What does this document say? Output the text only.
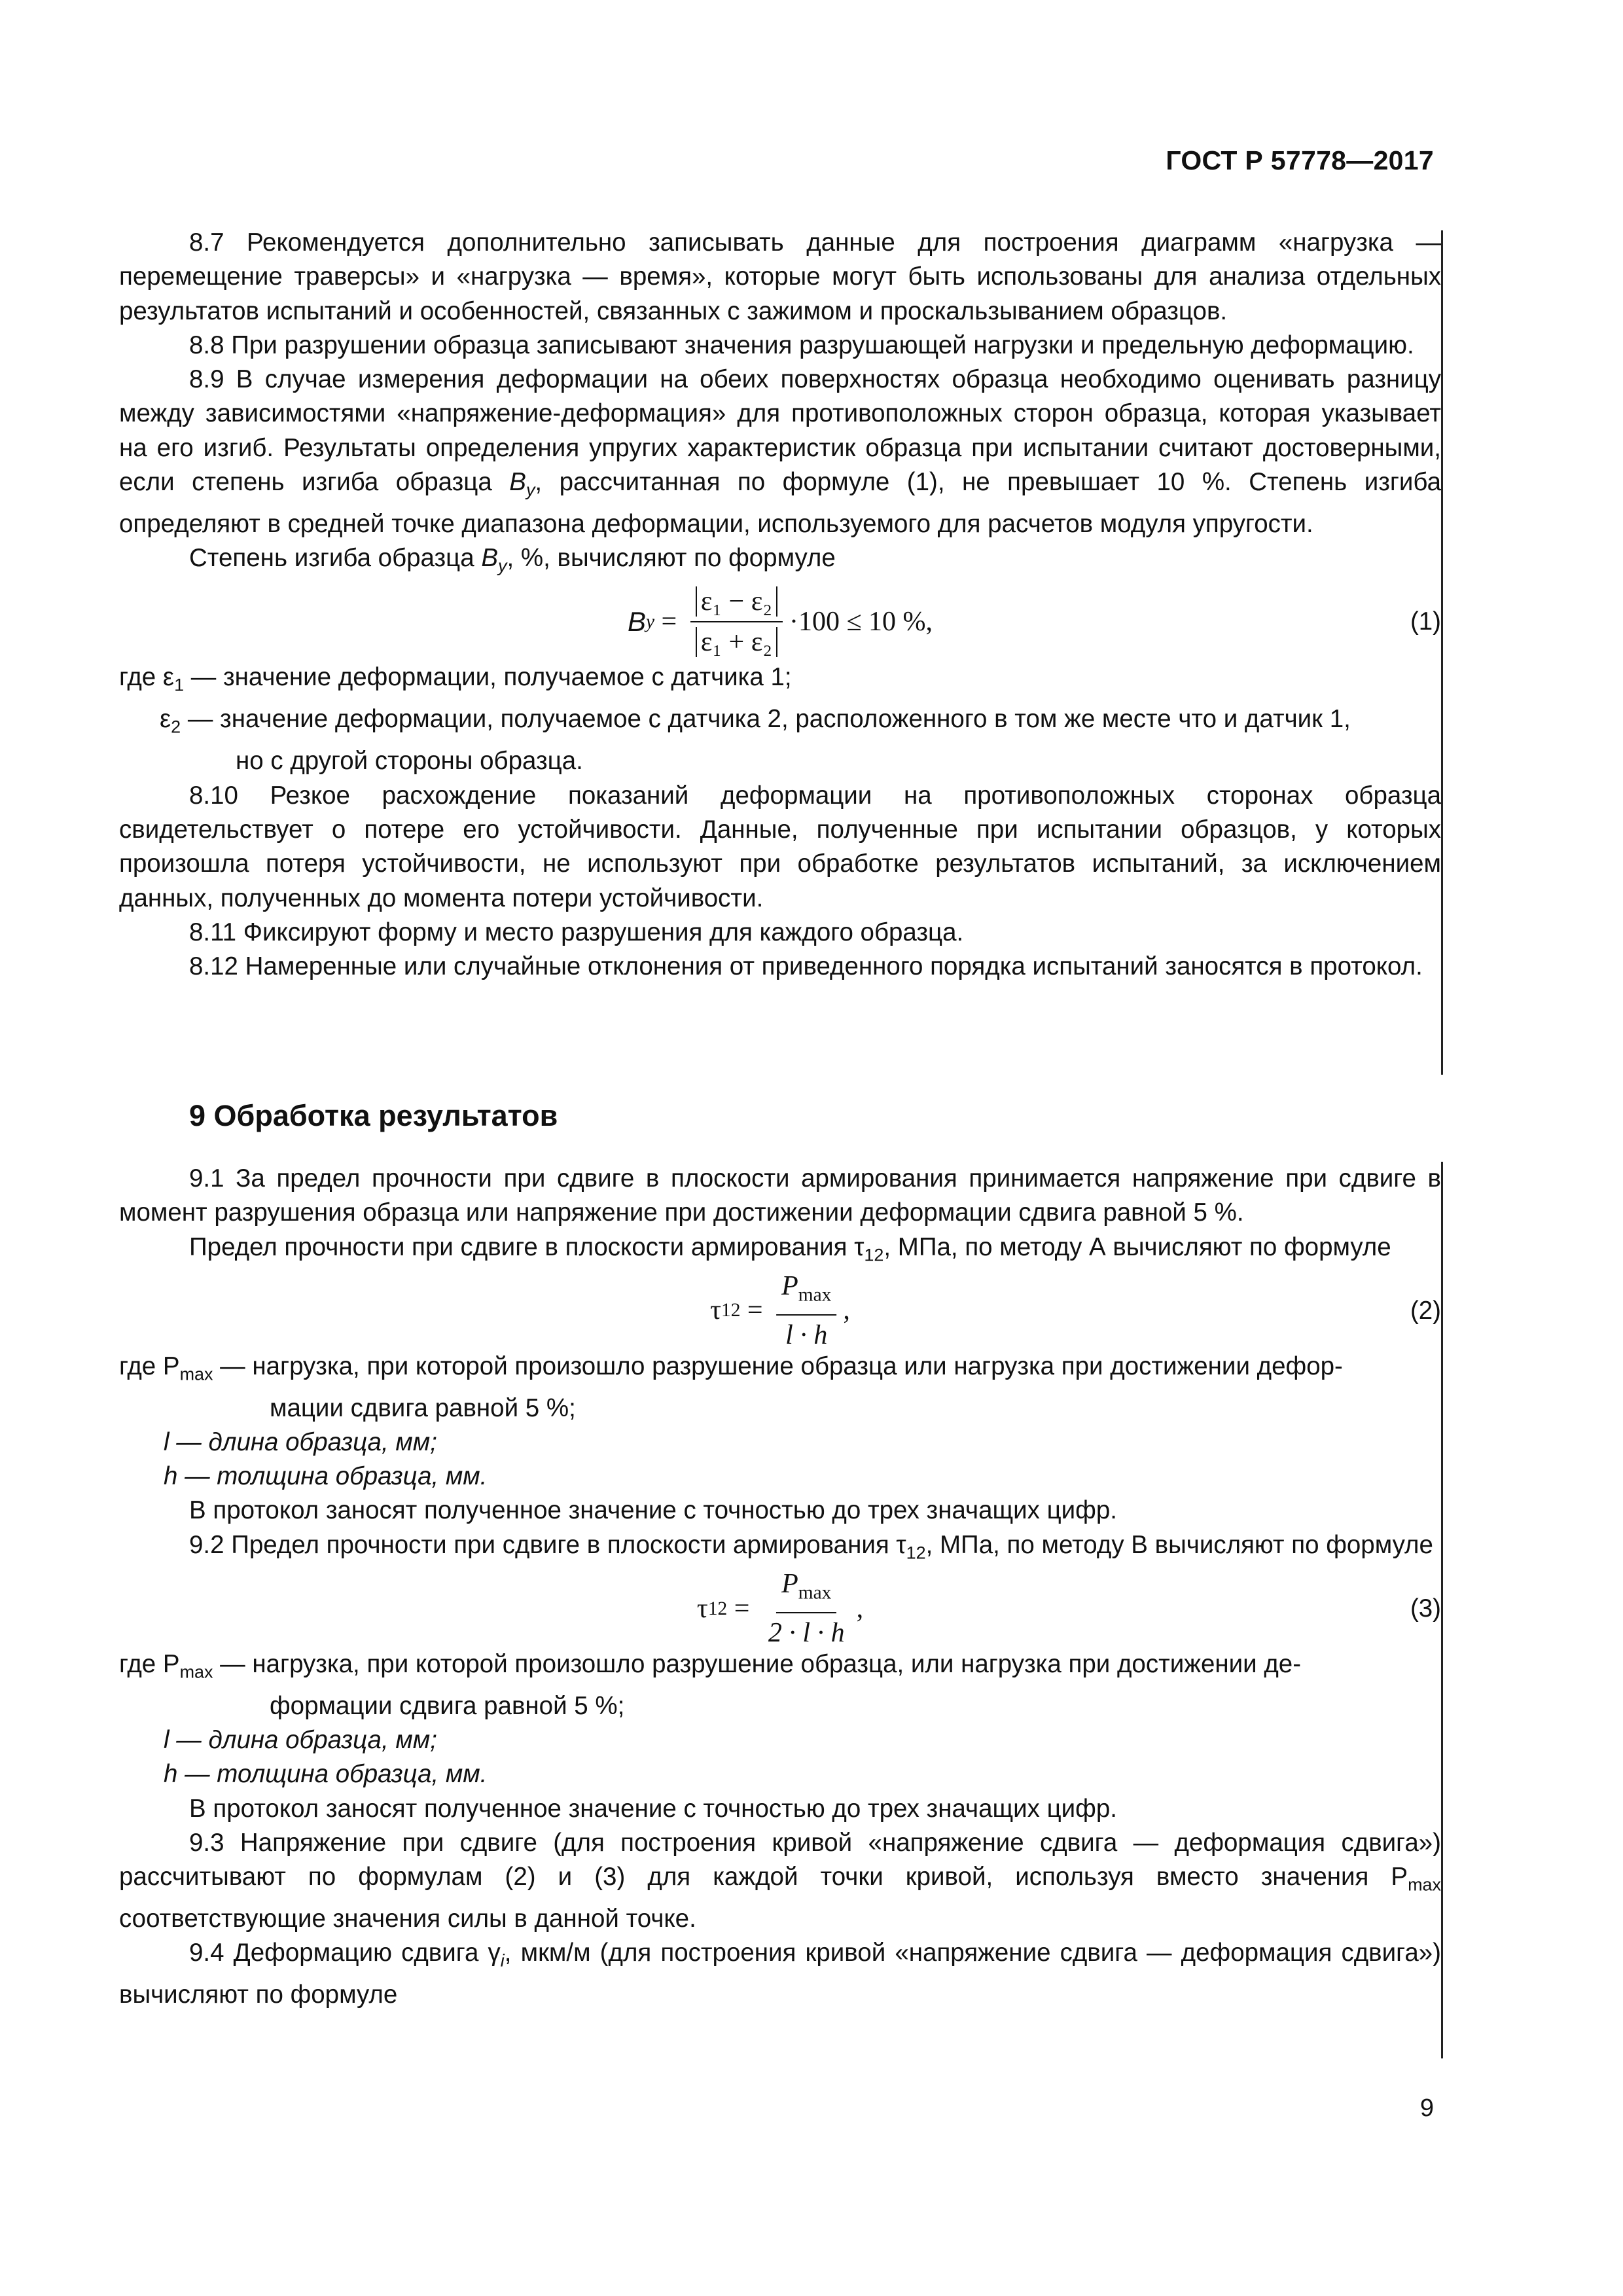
ГОСТ Р 57778—2017

8.7 Рекомендуется дополнительно записывать данные для построения диаграмм «нагрузка — перемещение траверсы» и «нагрузка — время», которые могут быть использованы для анализа отдельных результатов испытаний и особенностей, связанных с зажимом и проскальзыванием образцов.

8.8 При разрушении образца записывают значения разрушающей нагрузки и предельную деформацию.

8.9 В случае измерения деформации на обеих поверхностях образца необходимо оценивать разницу между зависимостями «напряжение-деформация» для противоположных сторон образца, которая указывает на его изгиб. Результаты определения упругих характеристик образца при испытании считают достоверными, если степень изгиба образца $B_y$, рассчитанная по формуле (1), не превышает 10 %. Степень изгиба определяют в средней точке диапазона деформации, используемого для расчетов модуля упругости.

Степень изгиба образца $B_y$, %, вычисляют по формуле

B $y = \frac{\text{ε₁ − ε₂}}{\text{ε₁ + ε₂}} \cdot 100 \le 10$ %,	(1)
где $\varepsilon_1$ — значение деформации, получаемое с датчика 1;
$\varepsilon_2$ — значение деформации, получаемое с датчика 2, расположенного в том же месте что и датчик 1,
но с другой стороны образца.

8.10 Резкое расхождение показаний деформации на противоположных сторонах образца свидетельствует о потере его устойчивости. Данные, полученные при испытании образцов, у которых произошла потеря устойчивости, не используют при обработке результатов испытаний, за исключением данных, полученных до момента потери устойчивости.

8.11 Фиксируют форму и место разрушения для каждого образца.

8.12 Намеренные или случайные отклонения от приведенного порядка испытаний заносятся в протокол.

9 Обработка результатов

9.1 За предел прочности при сдвиге в плоскости армирования принимается напряжение при сдвиге в момент разрушения образца или напряжение при достижении деформации сдвига равной 5 %.

Предел прочности при сдвиге в плоскости армирования $\tau_{12}$, МПа, по методу А вычисляют по формуле

τ $12 = \frac{P_{max}}{l \cdot h}$ ,	(2)
где $P_{max}$ — нагрузка, при которой произошло разрушение образца или нагрузка при достижении дефор-
мации сдвига равной 5 %;
l — длина образца, мм;
h — толщина образца, мм.

В протокол заносят полученное значение с точностью до трех значащих цифр.

9.2 Предел прочности при сдвиге в плоскости армирования $\tau_{12}$, МПа, по методу В вычисляют по формуле

τ $12 = \frac{P_{max}}{2 \cdot l \cdot h}$ ,	(3)
где $P_{max}$ — нагрузка, при которой произошло разрушение образца, или нагрузка при достижении де-
формации сдвига равной 5 %;
l — длина образца, мм;
h — толщина образца, мм.

В протокол заносят полученное значение с точностью до трех значащих цифр.

9.3 Напряжение при сдвиге (для построения кривой «напряжение сдвига — деформация сдвига») рассчитывают по формулам (2) и (3) для каждой точки кривой, используя вместо значения $P_{max}$ соответствующие значения силы в данной точке.

9.4 Деформацию сдвига $\gamma_i$, мкм/м (для построения кривой «напряжение сдвига — деформация сдвига») вычисляют по формуле

9
